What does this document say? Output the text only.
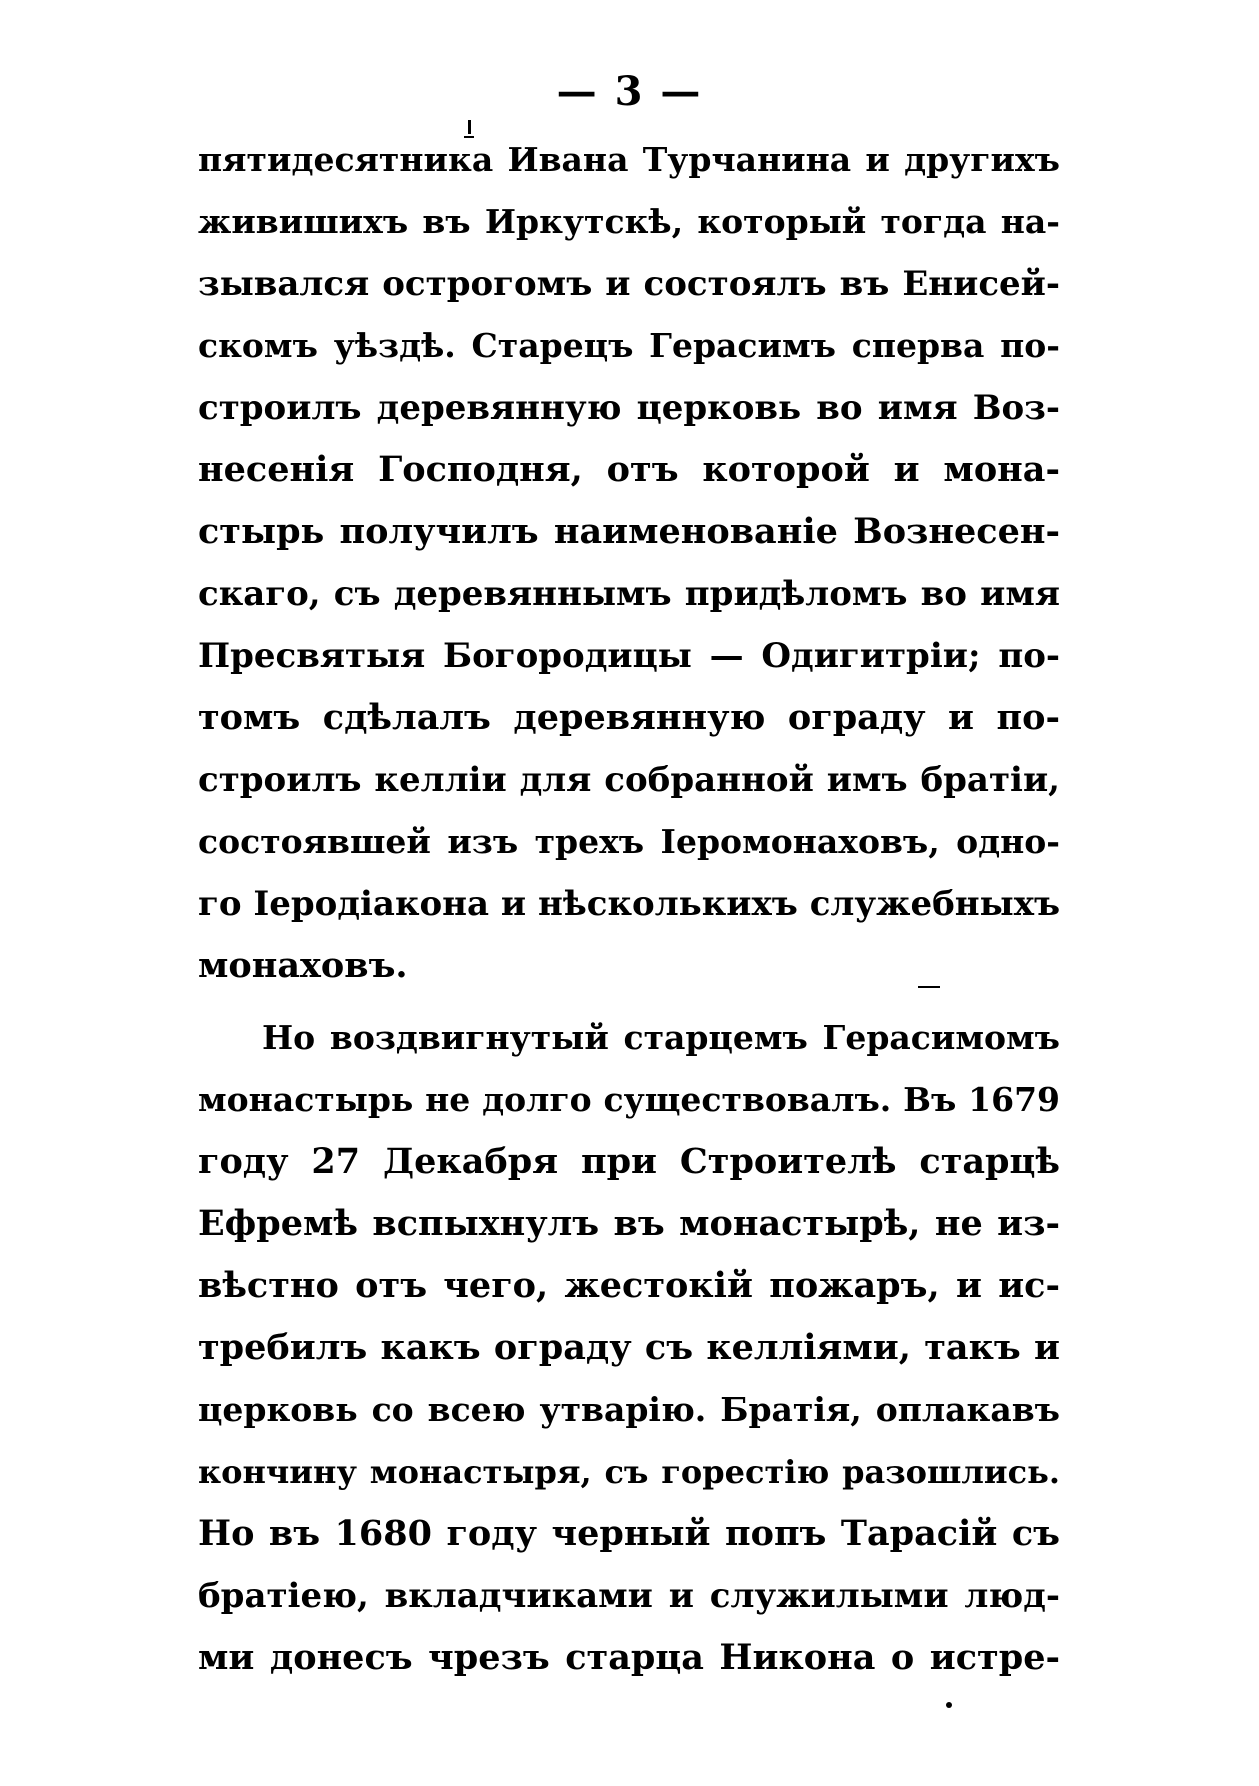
— 3 —
пятидесятника Ивана Турчанина и другихъ
живишихъ въ Иркутскѣ, который тогда на-
зывался острогомъ и состоялъ въ Енисей-
скомъ уѣздѣ. Старецъ Герасимъ сперва по-
строилъ деревянную церковь во имя Воз-
несенія Господня, отъ которой и мона-
стырь получилъ наименованіе Вознесен-
скаго, съ деревяннымъ придѣломъ во имя
Пресвятыя Богородицы — Одигитріи; по-
томъ сдѣлалъ деревянную ограду и по-
строилъ келліи для собранной имъ братіи,
состоявшей изъ трехъ Іеромонаховъ, одно-
го Іеродіакона и нѣсколькихъ служебныхъ
монаховъ.
Но воздвигнутый старцемъ Герасимомъ
монастырь не долго существовалъ. Въ 1679
году 27 Декабря при Строителѣ старцѣ
Ефремѣ вспыхнулъ въ монастырѣ, не из-
вѣстно отъ чего, жестокій пожаръ, и ис-
требилъ какъ ограду съ келліями, такъ и
церковь со всею утварію. Братія, оплакавъ
кончину монастыря, съ горестію разошлись.
Но въ 1680 году черный попъ Тарасій съ
братіею, вкладчиками и служилыми люд-
ми донесъ чрезъ старца Никона о истре-
